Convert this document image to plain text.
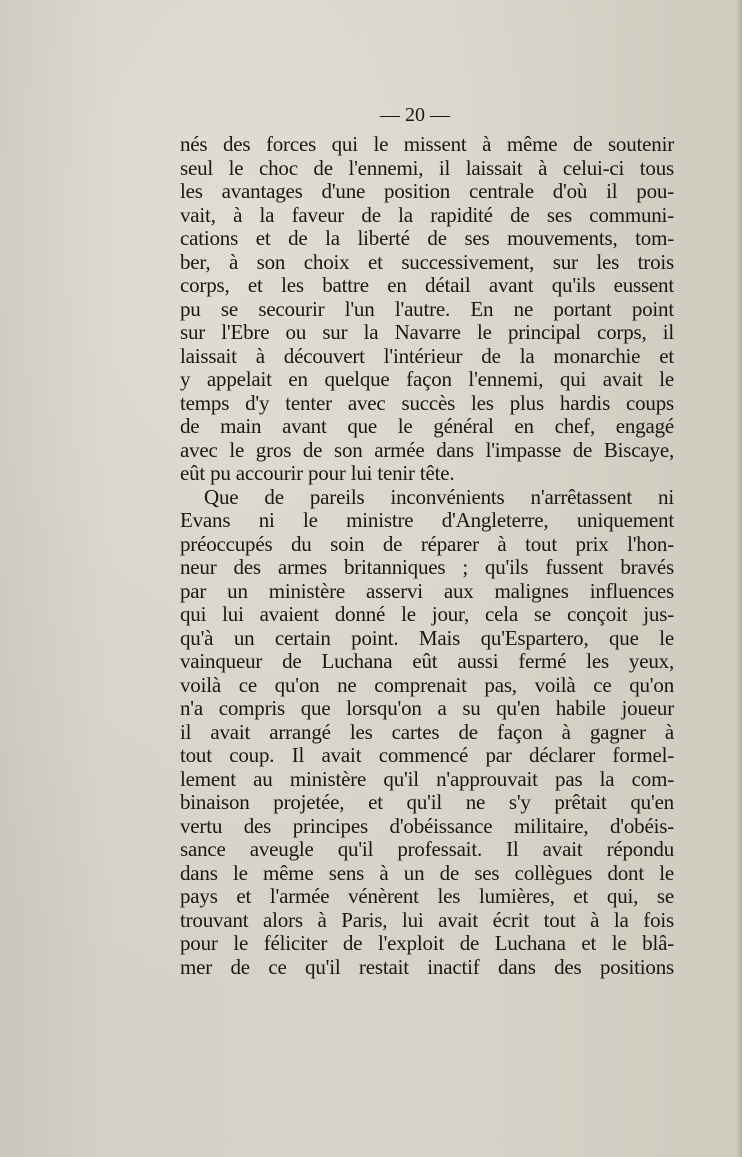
— 20 —
nés des forces qui le missent à même de soutenir
seul le choc de l'ennemi, il laissait à celui-ci tous
les avantages d'une position centrale d'où il pou-
vait, à la faveur de la rapidité de ses communi-
cations et de la liberté de ses mouvements, tom-
ber, à son choix et successivement, sur les trois
corps, et les battre en détail avant qu'ils eussent
pu se secourir l'un l'autre. En ne portant point
sur l'Ebre ou sur la Navarre le principal corps, il
laissait à découvert l'intérieur de la monarchie et
y appelait en quelque façon l'ennemi, qui avait le
temps d'y tenter avec succès les plus hardis coups
de main avant que le général en chef, engagé
avec le gros de son armée dans l'impasse de Biscaye,
eût pu accourir pour lui tenir tête.
Que de pareils inconvénients n'arrêtassent ni
Evans ni le ministre d'Angleterre, uniquement
préoccupés du soin de réparer à tout prix l'hon-
neur des armes britanniques ; qu'ils fussent bravés
par un ministère asservi aux malignes influences
qui lui avaient donné le jour, cela se conçoit jus-
qu'à un certain point. Mais qu'Espartero, que le
vainqueur de Luchana eût aussi fermé les yeux,
voilà ce qu'on ne comprenait pas, voilà ce qu'on
n'a compris que lorsqu'on a su qu'en habile joueur
il avait arrangé les cartes de façon à gagner à
tout coup. Il avait commencé par déclarer formel-
lement au ministère qu'il n'approuvait pas la com-
binaison projetée, et qu'il ne s'y prêtait qu'en
vertu des principes d'obéissance militaire, d'obéis-
sance aveugle qu'il professait. Il avait répondu
dans le même sens à un de ses collègues dont le
pays et l'armée vénèrent les lumières, et qui, se
trouvant alors à Paris, lui avait écrit tout à la fois
pour le féliciter de l'exploit de Luchana et le blâ-
mer de ce qu'il restait inactif dans des positions
